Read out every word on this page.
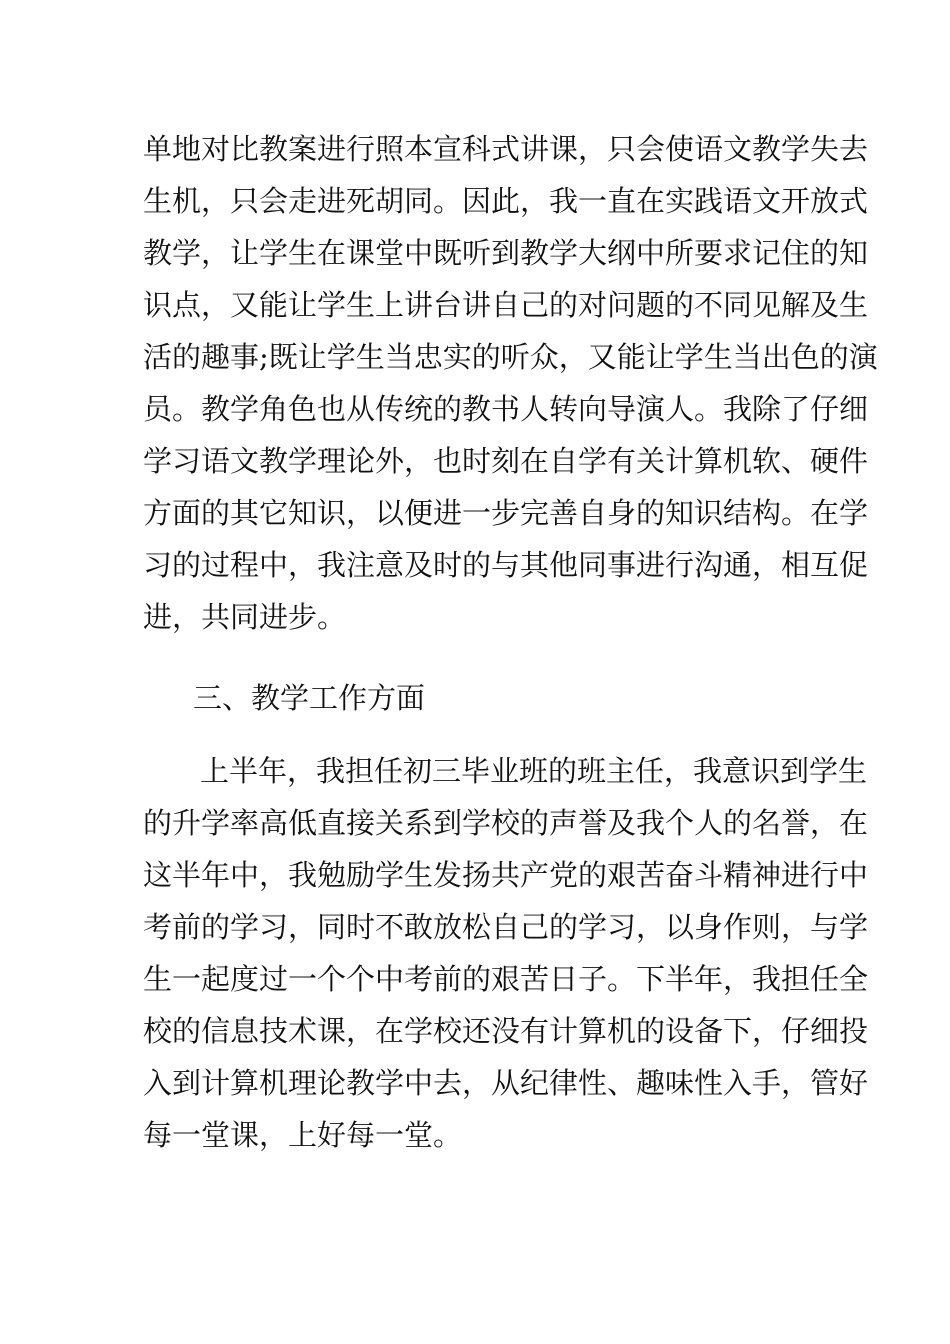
单地对比教案进行照本宣科式讲课，只会使语文教学失去
生机，只会走进死胡同。因此，我一直在实践语文开放式
教学，让学生在课堂中既听到教学大纲中所要求记住的知
识点，又能让学生上讲台讲自己的对问题的不同见解及生
活的趣事;既让学生当忠实的听众，又能让学生当出色的演
员。教学角色也从传统的教书人转向导演人。我除了仔细
学习语文教学理论外，也时刻在自学有关计算机软、硬件
方面的其它知识，以便进一步完善自身的知识结构。在学
习的过程中，我注意及时的与其他同事进行沟通，相互促
进，共同进步。
三、教学工作方面
上半年，我担任初三毕业班的班主任，我意识到学生
的升学率高低直接关系到学校的声誉及我个人的名誉，在
这半年中，我勉励学生发扬共产党的艰苦奋斗精神进行中
考前的学习，同时不敢放松自己的学习，以身作则，与学
生一起度过一个个中考前的艰苦日子。下半年，我担任全
校的信息技术课，在学校还没有计算机的设备下，仔细投
入到计算机理论教学中去，从纪律性、趣味性入手，管好
每一堂课，上好每一堂。
